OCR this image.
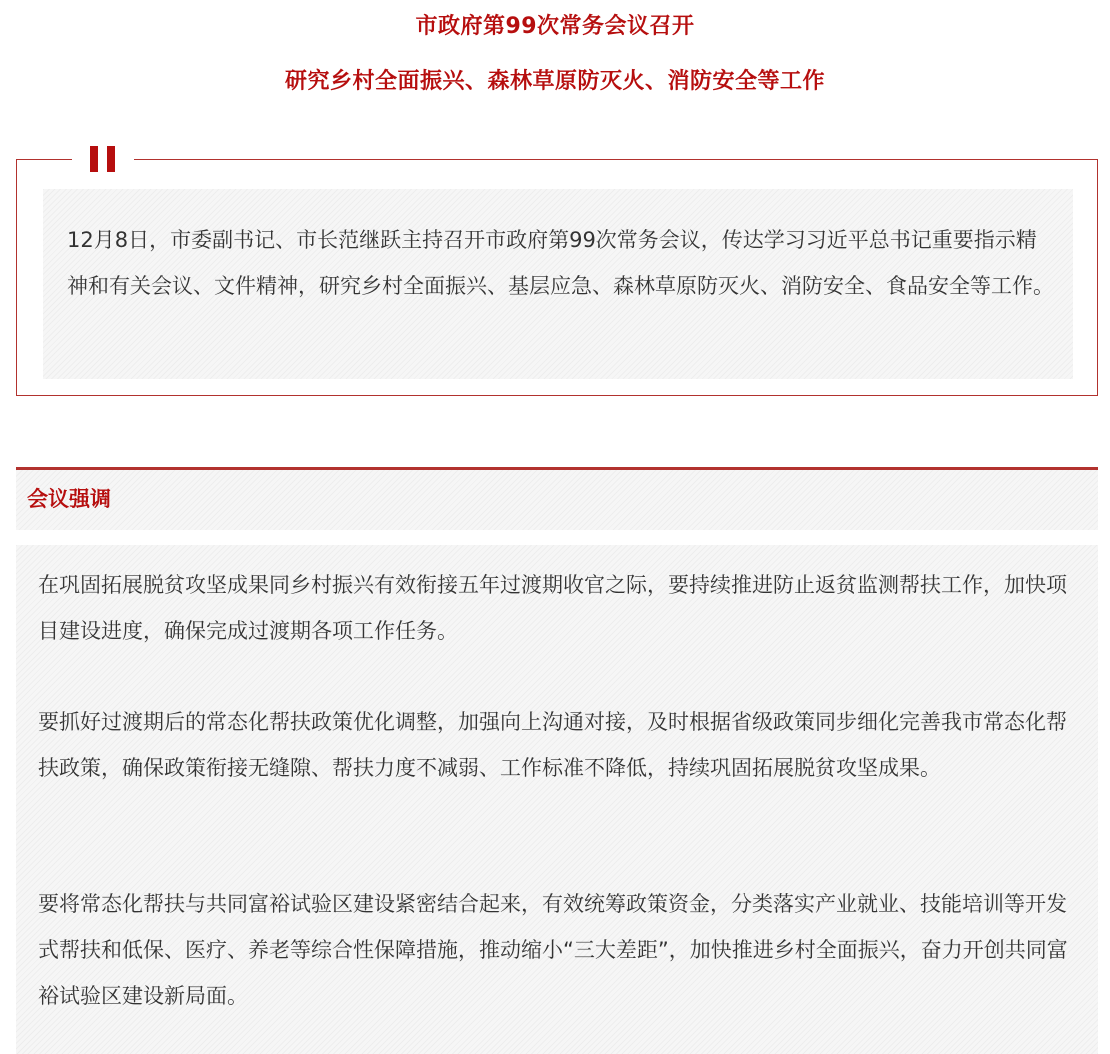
市政府第99次常务会议召开
研究乡村全面振兴、森林草原防灭火、消防安全等工作
12月8日，市委副书记、市长范继跃主持召开市政府第99次常务会议，传达学习习近平总书记重要指示精神和有关会议、文件精神，研究乡村全面振兴、基层应急、森林草原防灭火、消防安全、食品安全等工作。
会议强调
在巩固拓展脱贫攻坚成果同乡村振兴有效衔接五年过渡期收官之际，要持续推进防止返贫监测帮扶工作，加快项目建设进度，确保完成过渡期各项工作任务。
要抓好过渡期后的常态化帮扶政策优化调整，加强向上沟通对接，及时根据省级政策同步细化完善我市常态化帮扶政策，确保政策衔接无缝隙、帮扶力度不减弱、工作标准不降低，持续巩固拓展脱贫攻坚成果。
要将常态化帮扶与共同富裕试验区建设紧密结合起来，有效统筹政策资金，分类落实产业就业、技能培训等开发式帮扶和低保、医疗、养老等综合性保障措施，推动缩小“三大差距”，加快推进乡村全面振兴，奋力开创共同富裕试验区建设新局面。
